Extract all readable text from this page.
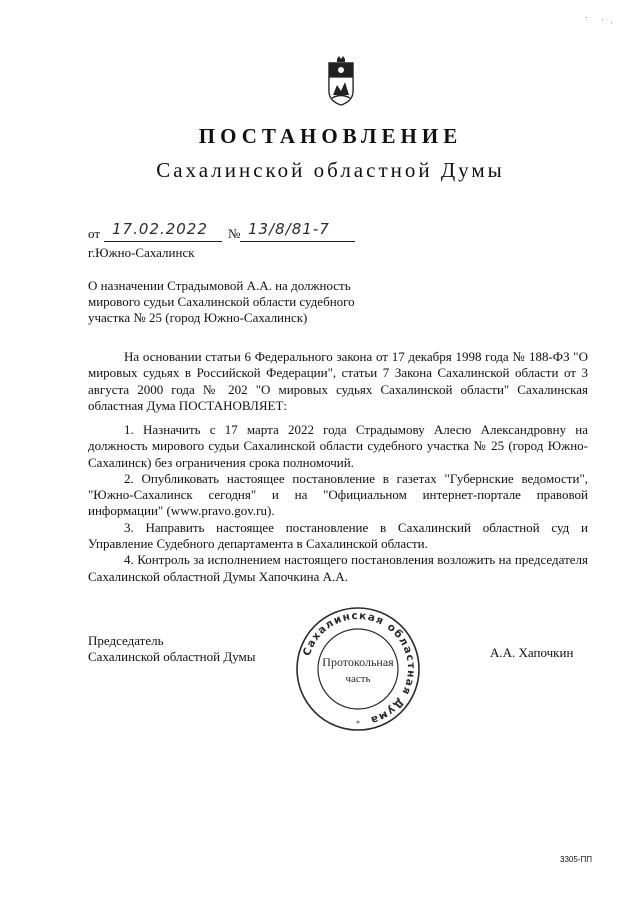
ПОСТАНОВЛЕНИЕ
Сахалинской областной Думы
от 17.02.2022 № 13/8/81-7
г.Южно-Сахалинск
О назначении Страдымовой А.А. на должность
мирового судьи Сахалинской области судебного
участка № 25 (город Южно-Сахалинск)

На основании статьи 6 Федерального закона от 17 декабря 1998 года № 188-ФЗ "О мировых судьях в Российской Федерации", статьи 7 Закона Сахалинской области от 3 августа 2000 года № 202 "О мировых судьях Сахалинской области" Сахалинская областная Дума ПОСТАНОВЛЯЕТ:

1. Назначить с 17 марта 2022 года Страдымову Алесю Александровну на должность мирового судьи Сахалинской области судебного участка № 25 (город Южно-Сахалинск) без ограничения срока полномочий.

2. Опубликовать настоящее постановление в газетах "Губернские ведомости", "Южно-Сахалинск сегодня" и на "Официальном интернет-портале правовой информации" (www.pravo.gov.ru).

3. Направить настоящее постановление в Сахалинский областной суд и Управление Судебного департамента в Сахалинской области.

4. Контроль за исполнением настоящего постановления возложить на председателя Сахалинской областной Думы Хапочкина А.А.

Председатель
Сахалинской областной Думы	А.А. Хапочкин
Сахалинская областная Дума
Протокольная
часть
*
3305-ПП
· · ⋅
